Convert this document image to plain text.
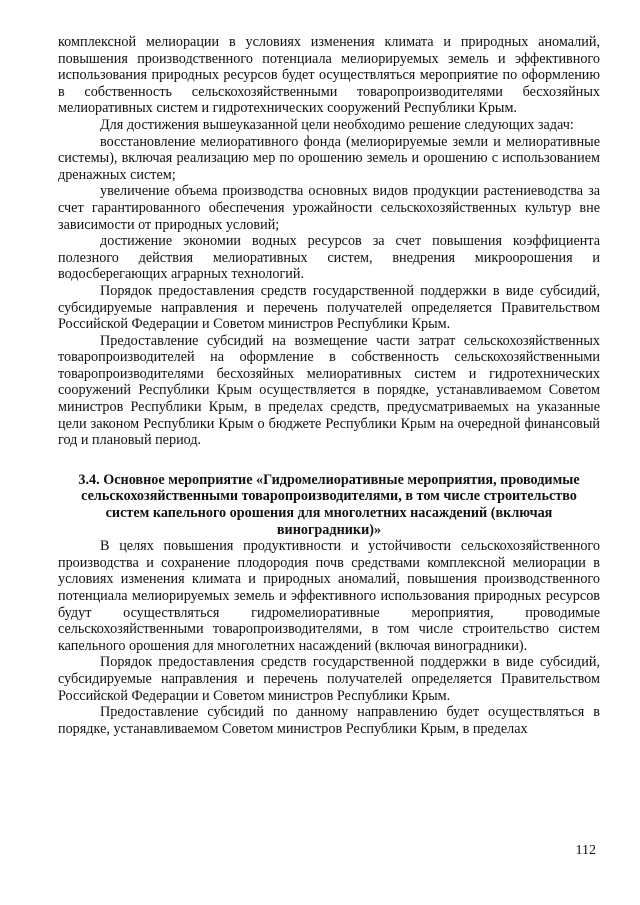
комплексной мелиорации в условиях изменения климата и природных аномалий, повышения производственного потенциала мелиорируемых земель и эффективного использования природных ресурсов будет осуществляться мероприятие по оформлению в собственность сельскохозяйственными товаропроизводителями бесхозяйных мелиоративных систем и гидротехнических сооружений Республики Крым.

Для достижения вышеуказанной цели необходимо решение следующих задач:

восстановление мелиоративного фонда (мелиорируемые земли и мелиоративные системы), включая реализацию мер по орошению земель и орошению с использованием дренажных систем;

увеличение объема производства основных видов продукции растениеводства за счет гарантированного обеспечения урожайности сельскохозяйственных культур вне зависимости от природных условий;

достижение экономии водных ресурсов за счет повышения коэффициента полезного действия мелиоративных систем, внедрения микроорошения и водосберегающих аграрных технологий.

Порядок предоставления средств государственной поддержки в виде субсидий, субсидируемые направления и перечень получателей определяется Правительством Российской Федерации и Советом министров Республики Крым.

Предоставление субсидий на возмещение части затрат сельскохозяйственных товаропроизводителей на оформление в собственность сельскохозяйственными товаропроизводителями бесхозяйных мелиоративных систем и гидротехнических сооружений Республики Крым осуществляется в порядке, устанавливаемом Советом министров Республики Крым, в пределах средств, предусматриваемых на указанные цели законом Республики Крым о бюджете Республики Крым на очередной финансовый год и плановый период.

3.4. Основное мероприятие «Гидромелиоративные мероприятия, проводимые сельскохозяйственными товаропроизводителями, в том числе строительство систем капельного орошения для многолетних насаждений (включая виноградники)»

В целях повышения продуктивности и устойчивости сельскохозяйственного производства и сохранение плодородия почв средствами комплексной мелиорации в условиях изменения климата и природных аномалий, повышения производственного потенциала мелиорируемых земель и эффективного использования природных ресурсов будут осуществляться гидромелиоративные мероприятия, проводимые сельскохозяйственными товаропроизводителями, в том числе строительство систем капельного орошения для многолетних насаждений (включая виноградники).

Порядок предоставления средств государственной поддержки в виде субсидий, субсидируемые направления и перечень получателей определяется Правительством Российской Федерации и Советом министров Республики Крым.

Предоставление субсидий по данному направлению будет осуществляться в порядке, устанавливаемом Советом министров Республики Крым, в пределах

112
